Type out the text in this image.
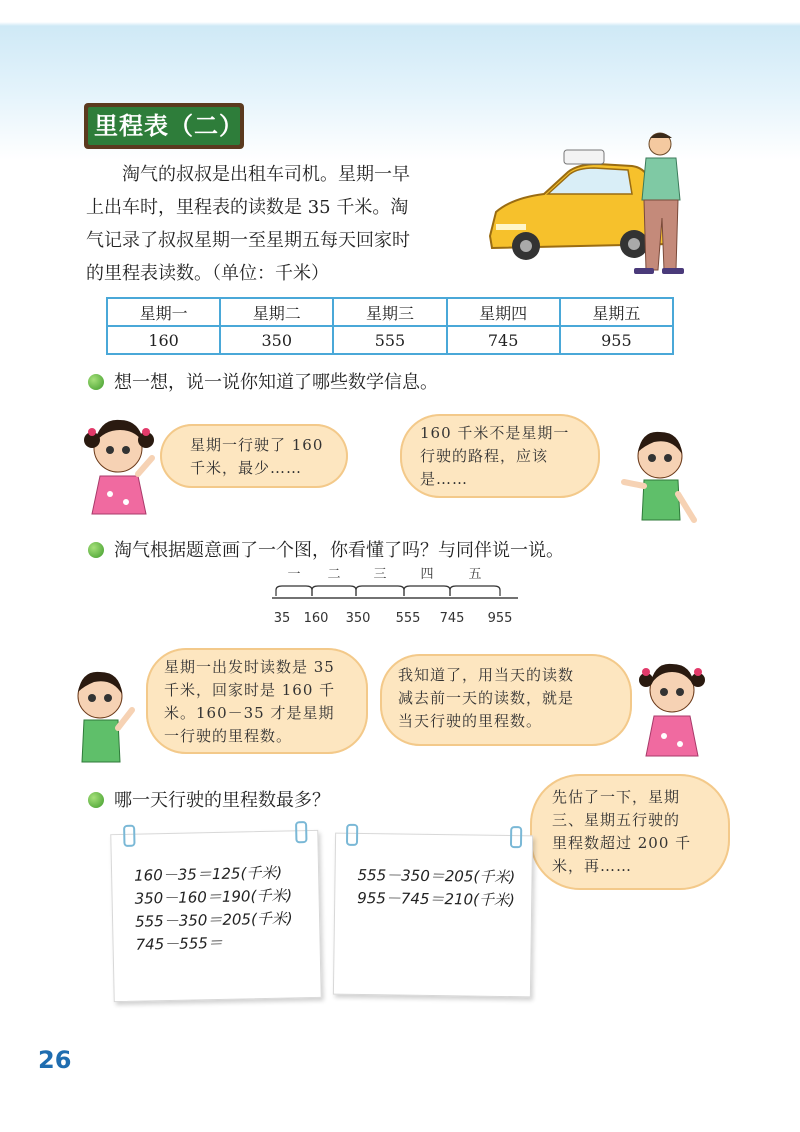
里程表（二）
淘气的叔叔是出租车司机。星期一早
上出车时，里程表的读数是 35 千米。淘
气记录了叔叔星期一至星期五每天回家时
的里程表读数。（单位：千米）
星期一	星期二	星期三	星期四	星期五
160	350	555	745	955
想一想，说一说你知道了哪些数学信息。
星期一行驶了 160
千米，最少……
160 千米不是星期一
行驶的路程，应该
是……
淘气根据题意画了一个图，你看懂了吗？与同伴说一说。
一 二	三	四	五
35 160 350 555 745 955
星期一出发时读数是 35
千米，回家时是 160 千
米。160－35 才是星期
一行驶的里程数。
我知道了，用当天的读数
减去前一天的读数，就是
当天行驶的里程数。
哪一天行驶的里程数最多？	先估了一下，星期
三、星期五行驶的
里程数超过 200 千
米，再……
160－35＝125(千米)
350－160＝190(千米)
555－350＝205(千米)
745－555＝
555－350＝205(千米)
955－745＝210(千米)
26
